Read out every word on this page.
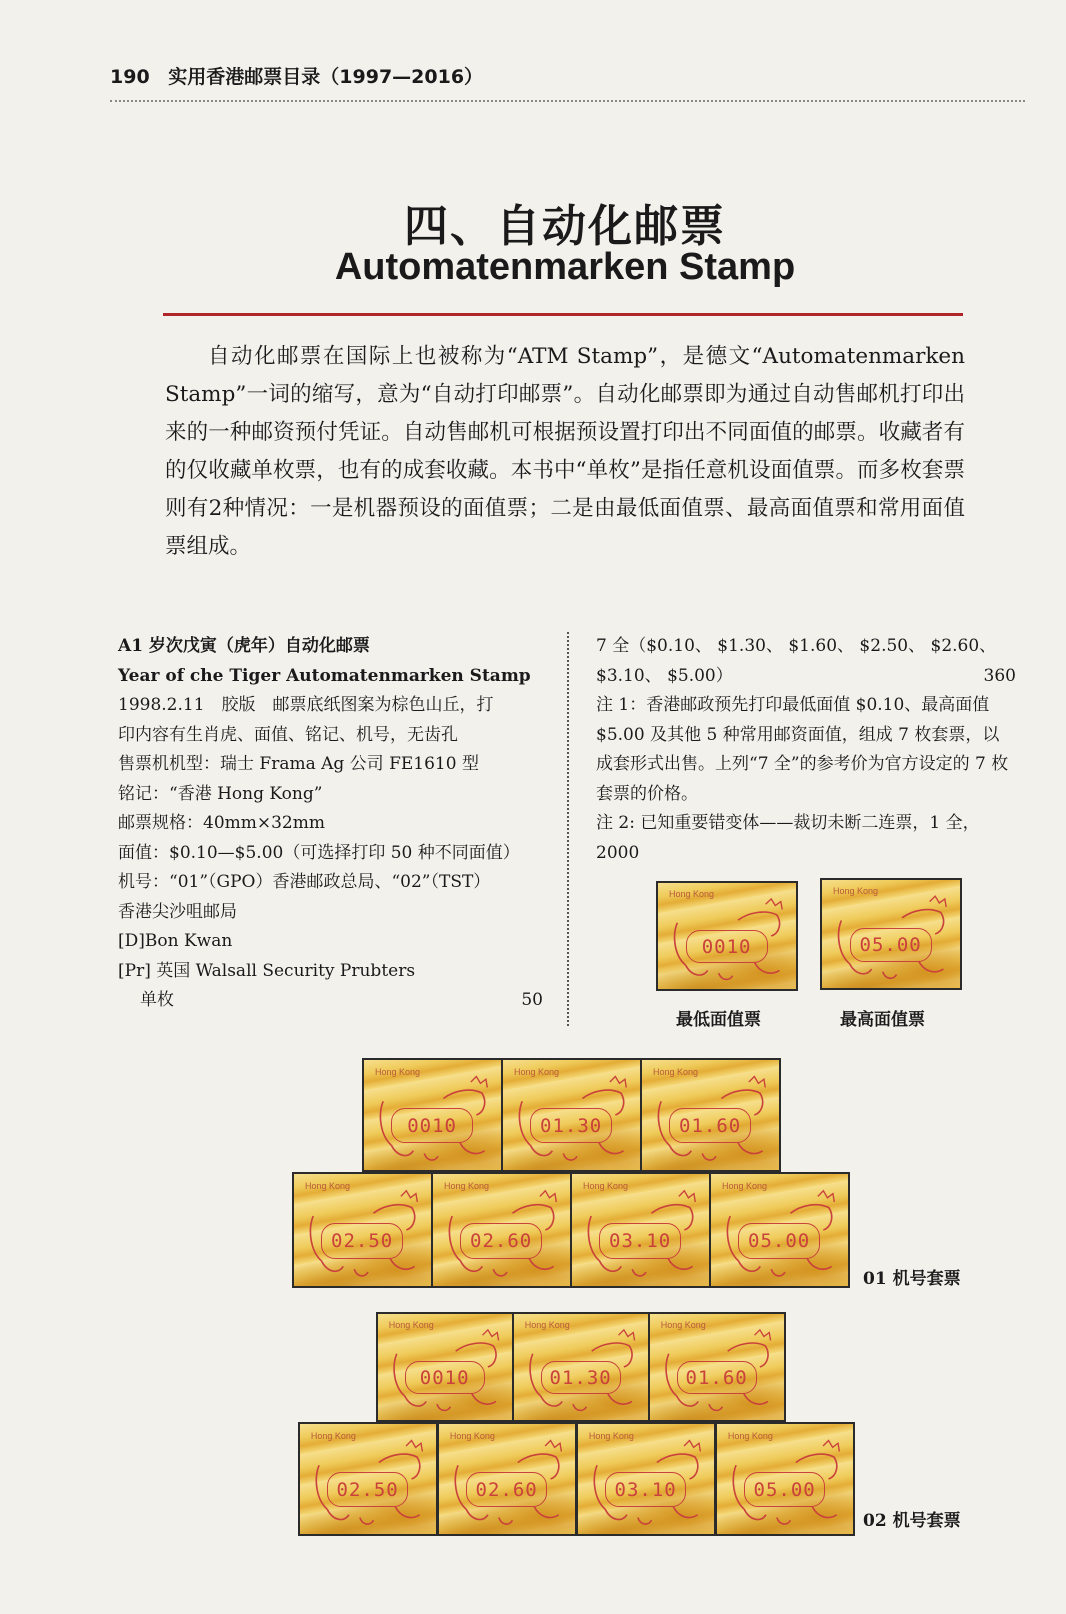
190 实用香港邮票目录（1997—2016）
四、自动化邮票
Automatenmarken Stamp

自动化邮票在国际上也被称为“ATM Stamp”，是德文“Automatenmarken Stamp”一词的缩写，意为“自动打印邮票”。自动化邮票即为通过自动售邮机打印出来的一种邮资预付凭证。自动售邮机可根据预设置打印出不同面值的邮票。收藏者有的仅收藏单枚票，也有的成套收藏。本书中“单枚”是指任意机设面值票。而多枚套票则有2种情况：一是机器预设的面值票；二是由最低面值票、最高面值票和常用面值票组成。

A1 岁次戊寅（虎年）自动化邮票
Year of che Tiger Automatenmarken Stamp
1998.2.11　胶版　邮票底纸图案为棕色山丘，打
印内容有生肖虎、面值、铭记、机号，无齿孔
售票机机型：瑞士 Frama Ag 公司 FE1610 型
铭记：“香港 Hong Kong”
邮票规格：40mm×32mm
面值：$0.10—$5.00（可选择打印 50 种不同面值）
机号：“01”（GPO）香港邮政总局、“02”（TST）
香港尖沙咀邮局
[D]Bon Kwan
[Pr] 英国 Walsall Security Prubters
单枚	50
7 全（$0.10、 $1.30、 $1.60、 $2.50、 $2.60、
$3.10、 $5.00）	360
注 1：香港邮政预先打印最低面值 $0.10、最高面值 $5.00 及其他 5 种常用邮资面值，组成 7 枚套票，以成套形式出售。上列“7 全”的参考价为官方设定的 7 枚套票的价格。
注 2: 已知重要错变体——裁切未断二连票，1 全，
2000
Hong Kong
0010
Hong Kong
05.00
Hong Kong
0010
Hong Kong
01.30
Hong Kong
01.60
Hong Kong
02.50
Hong Kong
02.60
Hong Kong
03.10
Hong Kong
05.00
Hong Kong
0010
Hong Kong
01.30
Hong Kong
01.60
Hong Kong
02.50
Hong Kong
02.60
Hong Kong
03.10
Hong Kong
05.00
最低面值票	最高面值票
01 机号套票
02 机号套票
